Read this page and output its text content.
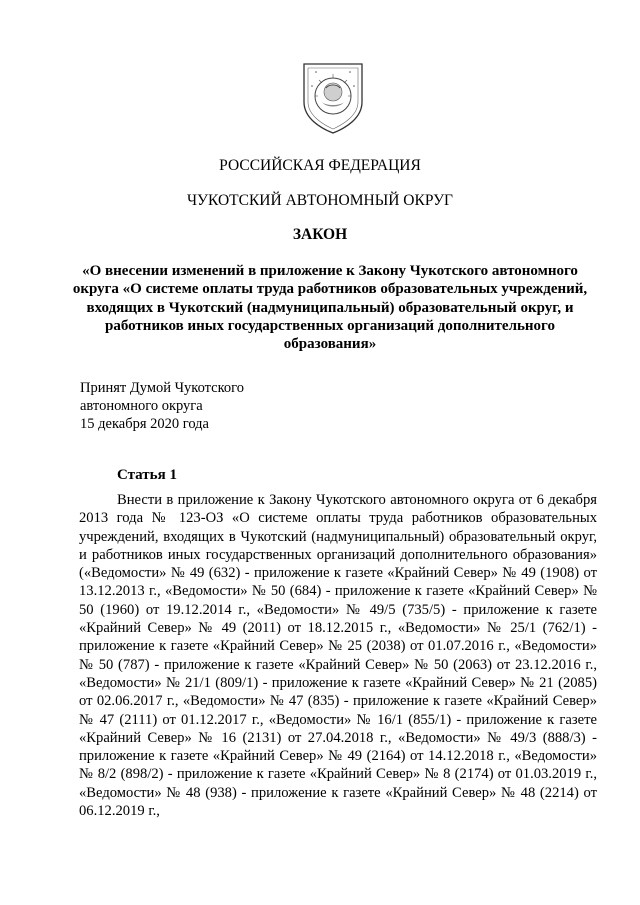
РОССИЙСКАЯ ФЕДЕРАЦИЯ
ЧУКОТСКИЙ АВТОНОМНЫЙ ОКРУГ
ЗАКОН
«О внесении изменений в приложение к Закону Чукотского автономного округа «О системе оплаты труда работников образовательных учреждений, входящих в Чукотский (надмуниципальный) образовательный округ, и работников иных государственных организаций дополнительного образования»
Принят Думой Чукотского
автономного округа
15 декабря 2020 года
Статья 1

Внести в приложение к Закону Чукотского автономного округа от 6 декабря 2013 года № 123-ОЗ «О системе оплаты труда работников образовательных учреждений, входящих в Чукотский (надмуниципальный) образовательный округ, и работников иных государственных организаций дополнительного образования» («Ведомости» № 49 (632) - приложение к газете «Крайний Север» № 49 (1908) от 13.12.2013 г., «Ведомости» № 50 (684) - приложение к газете «Крайний Север» № 50 (1960) от 19.12.2014 г., «Ведомости» № 49/5 (735/5) - приложение к газете «Крайний Север» № 49 (2011) от 18.12.2015 г., «Ведомости» № 25/1 (762/1) - приложение к газете «Крайний Север» № 25 (2038) от 01.07.2016 г., «Ведомости» № 50 (787) - приложение к газете «Крайний Север» № 50 (2063) от 23.12.2016 г., «Ведомости» № 21/1 (809/1) - приложение к газете «Крайний Север» № 21 (2085) от 02.06.2017 г., «Ведомости» № 47 (835) - приложение к газете «Крайний Север» № 47 (2111) от 01.12.2017 г., «Ведомости» № 16/1 (855/1) - приложение к газете «Крайний Север» № 16 (2131) от 27.04.2018 г., «Ведомости» № 49/3 (888/3) - приложение к газете «Крайний Север» № 49 (2164) от 14.12.2018 г., «Ведомости» № 8/2 (898/2) - приложение к газете «Крайний Север» № 8 (2174) от 01.03.2019 г., «Ведомости» № 48 (938) - приложение к газете «Крайний Север» № 48 (2214) от 06.12.2019 г.,
